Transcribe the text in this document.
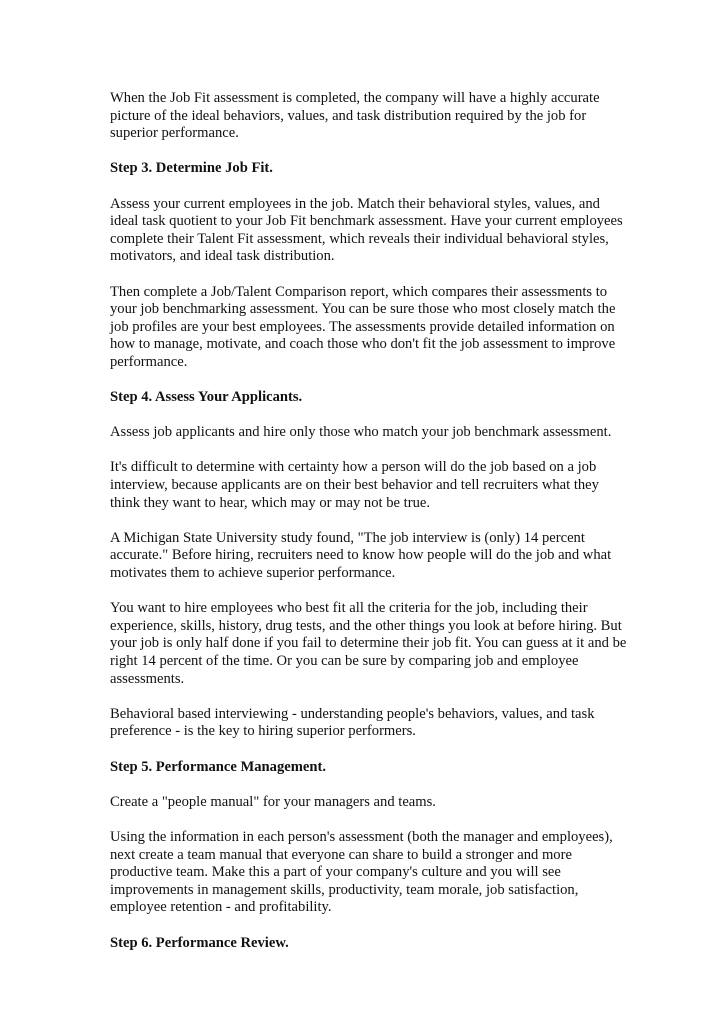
When the Job Fit assessment is completed, the company will have a highly accurate picture of the ideal behaviors, values, and task distribution required by the job for superior performance.

Step 3. Determine Job Fit.

Assess your current employees in the job. Match their behavioral styles, values, and ideal task quotient to your Job Fit benchmark assessment. Have your current employees complete their Talent Fit assessment, which reveals their individual behavioral styles, motivators, and ideal task distribution.

Then complete a Job/Talent Comparison report, which compares their assessments to your job benchmarking assessment. You can be sure those who most closely match the job profiles are your best employees. The assessments provide detailed information on how to manage, motivate, and coach those who don't fit the job assessment to improve performance.

Step 4. Assess Your Applicants.

Assess job applicants and hire only those who match your job benchmark assessment.

It's difficult to determine with certainty how a person will do the job based on a job interview, because applicants are on their best behavior and tell recruiters what they think they want to hear, which may or may not be true.

A Michigan State University study found, "The job interview is (only) 14 percent accurate." Before hiring, recruiters need to know how people will do the job and what motivates them to achieve superior performance.

You want to hire employees who best fit all the criteria for the job, including their experience, skills, history, drug tests, and the other things you look at before hiring. But your job is only half done if you fail to determine their job fit. You can guess at it and be right 14 percent of the time. Or you can be sure by comparing job and employee assessments.

Behavioral based interviewing - understanding people's behaviors, values, and task preference - is the key to hiring superior performers.

Step 5. Performance Management.

Create a "people manual" for your managers and teams.

Using the information in each person's assessment (both the manager and employees), next create a team manual that everyone can share to build a stronger and more productive team. Make this a part of your company's culture and you will see improvements in management skills, productivity, team morale, job satisfaction, employee retention - and profitability.

Step 6. Performance Review.
